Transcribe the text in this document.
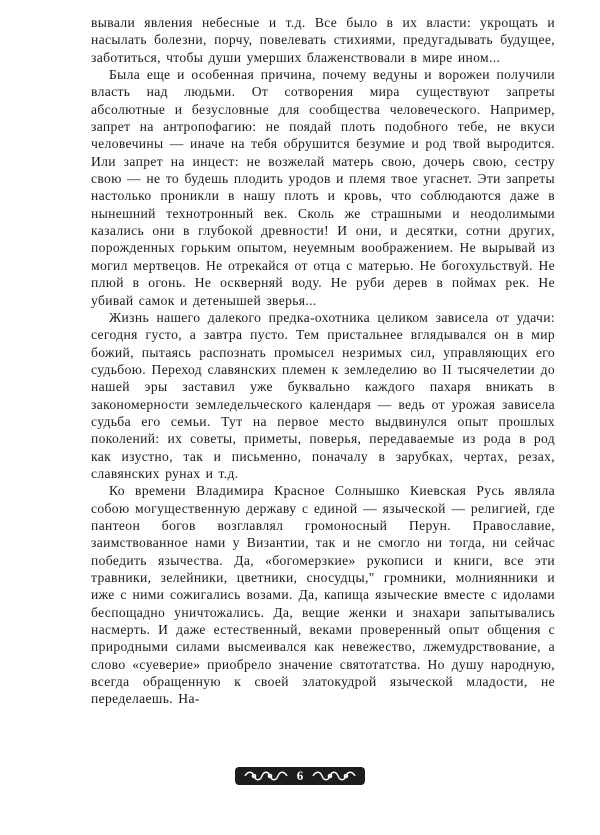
вывали явления небесные и т.д. Все было в их власти: укрощать и насылать болезни, порчу, повелевать стихиями, предугадывать будущее, заботиться, чтобы души умерших блаженствовали в мире ином...

Была еще и особенная причина, почему ведуны и ворожеи получили власть над людьми. От сотворения мира существуют запреты абсолютные и безусловные для сообщества человеческого. Например, запрет на антропофагию: не поядай плоть подобного тебе, не вкуси человечины — иначе на тебя обрушится безумие и род твой выродится. Или запрет на инцест: не возжелай матерь свою, дочерь свою, сестру свою — не то будешь плодить уродов и племя твое угаснет. Эти запреты настолько проникли в нашу плоть и кровь, что соблюдаются даже в нынешний технотронный век. Сколь же страшными и неодолимыми казались они в глубокой древности! И они, и десятки, сотни других, порожденных горьким опытом, неуемным воображением. Не вырывай из могил мертвецов. Не отрекайся от отца с матерью. Не богохульствуй. Не плюй в огонь. Не оскверняй воду. Не руби дерев в поймах рек. Не убивай самок и детенышей зверья...

Жизнь нашего далекого предка-охотника целиком зависела от удачи: сегодня густо, а завтра пусто. Тем пристальнее вглядывался он в мир божий, пытаясь распознать промысел незримых сил, управляющих его судьбою. Переход славянских племен к земледелию во II тысячелетии до нашей эры заставил уже буквально каждого пахаря вникать в закономерности земледельческого календаря — ведь от урожая зависела судьба его семьи. Тут на первое место выдвинулся опыт прошлых поколений: их советы, приметы, поверья, передаваемые из рода в род как изустно, так и письменно, поначалу в зарубках, чертах, резах, славянских рунах и т.д.

Ко времени Владимира Красное Солнышко Киевская Русь являла собою могущественную державу с единой — языческой — религией, где пантеон богов возглавлял громоносный Перун. Православие, заимствованное нами у Византии, так и не смогло ни тогда, ни сейчас победить язычества. Да, «богомерзкие» рукописи и книги, все эти травники, зелейники, цветники, сносудцы," громники, молниянники и иже с ними сожигались возами. Да, капища языческие вместе с идолами беспощадно уничтожались. Да, вещие женки и знахари запытывались насмерть. И даже естественный, веками проверенный опыт общения с природными силами высмеивался как невежество, лжемудрствование, а слово «суеверие» приобрело значение святотатства. Но душу народную, всегда обращенную к своей златокудрой языческой младости, не переделаешь. На-

6
